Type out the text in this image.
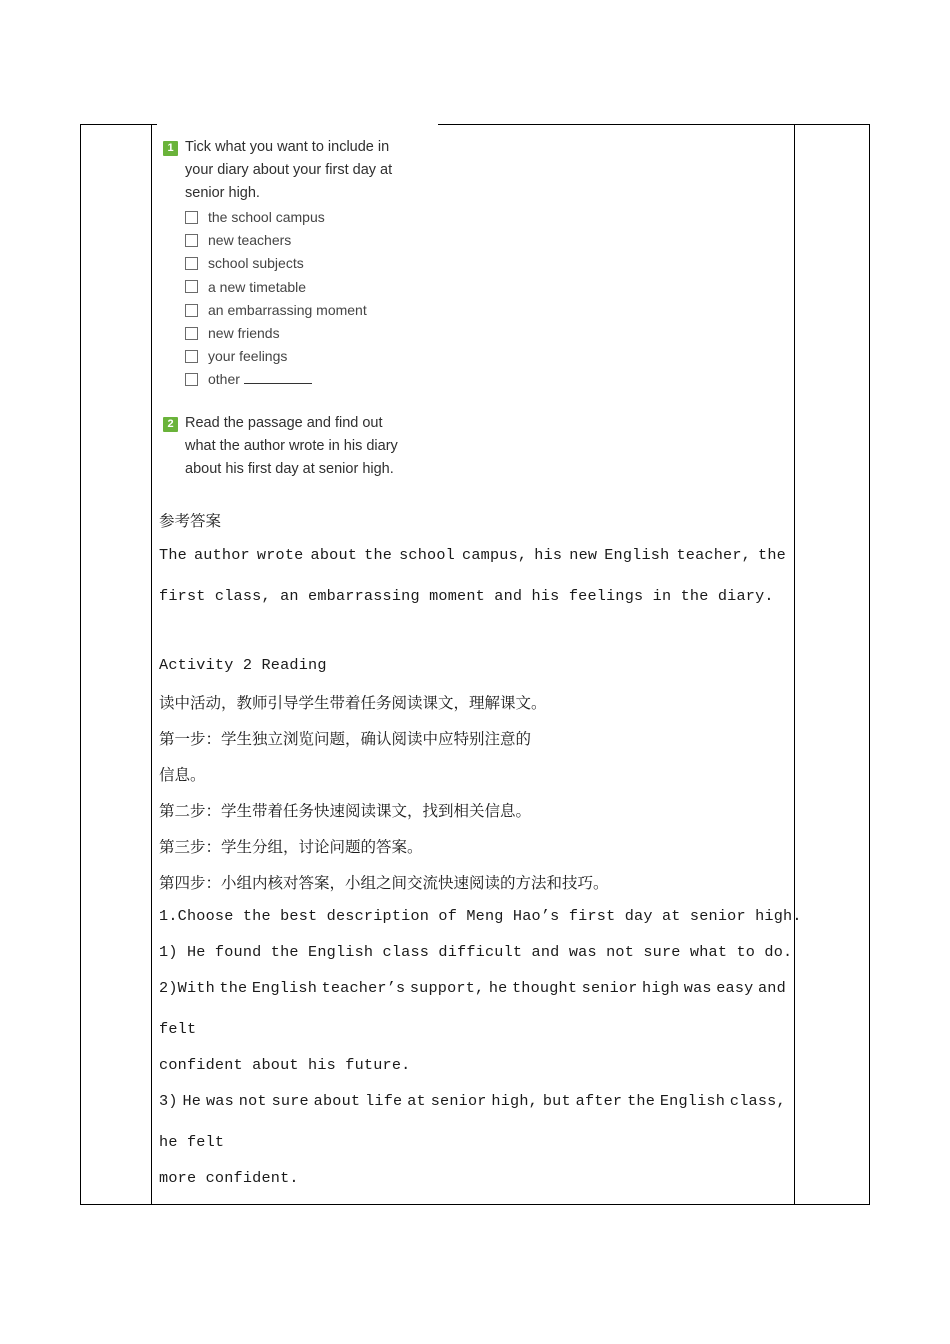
1 Tick what you want to include in
your diary about your first day at
senior high.
the school campus
new teachers
school subjects
a new timetable
an embarrassing moment
new friends
your feelings
other
2 Read the passage and find out
what the author wrote in his diary
about his first day at senior high.
参考答案
The author wrote about the school campus, his new English teacher, the
first class, an embarrassing moment and his feelings in the diary.
Activity 2 Reading
读中活动，教师引导学生带着任务阅读课文，理解课文。
第一步：学生独立浏览问题，确认阅读中应特别注意的
信息。
第二步：学生带着任务快速阅读课文，找到相关信息。
第三步：学生分组，讨论问题的答案。
第四步：小组内核对答案，小组之间交流快速阅读的方法和技巧。
1.Choose the best description of Meng Hao’s first day at senior high.
1) He found the English class difficult and was not sure what to do.
2)With the English teacher’s support, he thought senior high was easy and
felt
confident about his future.
3) He was not sure about life at senior high, but after the English class,
he felt
more confident.
